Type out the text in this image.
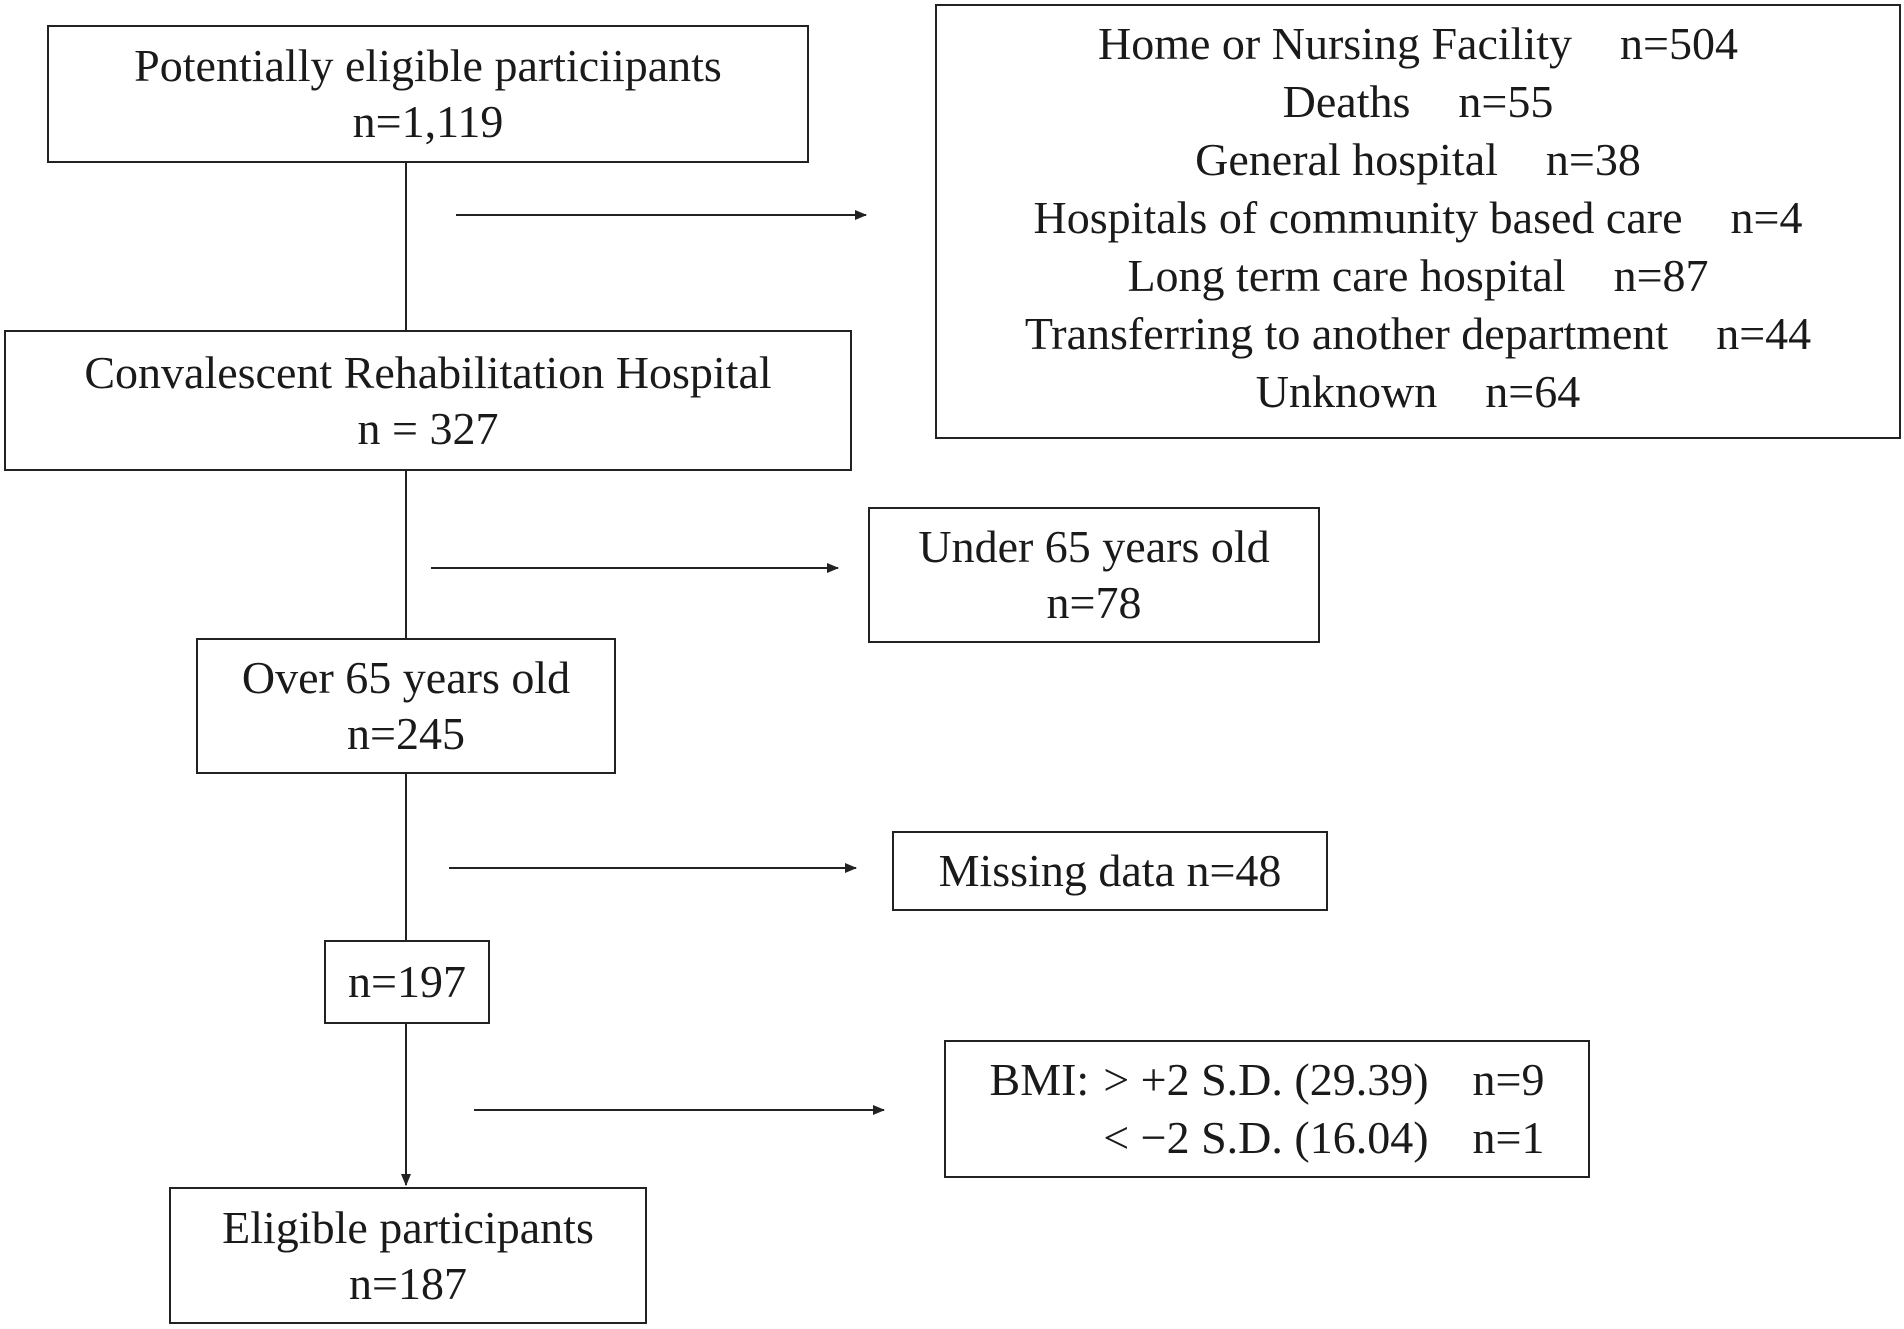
Potentially eligible particiipants
n=1,119
Convalescent Rehabilitation Hospital
n = 327
Over 65 years old
n=245
n=197
Eligible participants
n=187
Home or Nursing Facility n=504
Deaths n=55
General hospital n=38
Hospitals of community based care n=4
Long term care hospital n=87
Transferring to another department n=44
Unknown n=64
Under 65 years old
n=78
Missing data n=48
BMI: > +2 S.D. (29.39) n=9
< −2 S.D. (16.04) n=1
